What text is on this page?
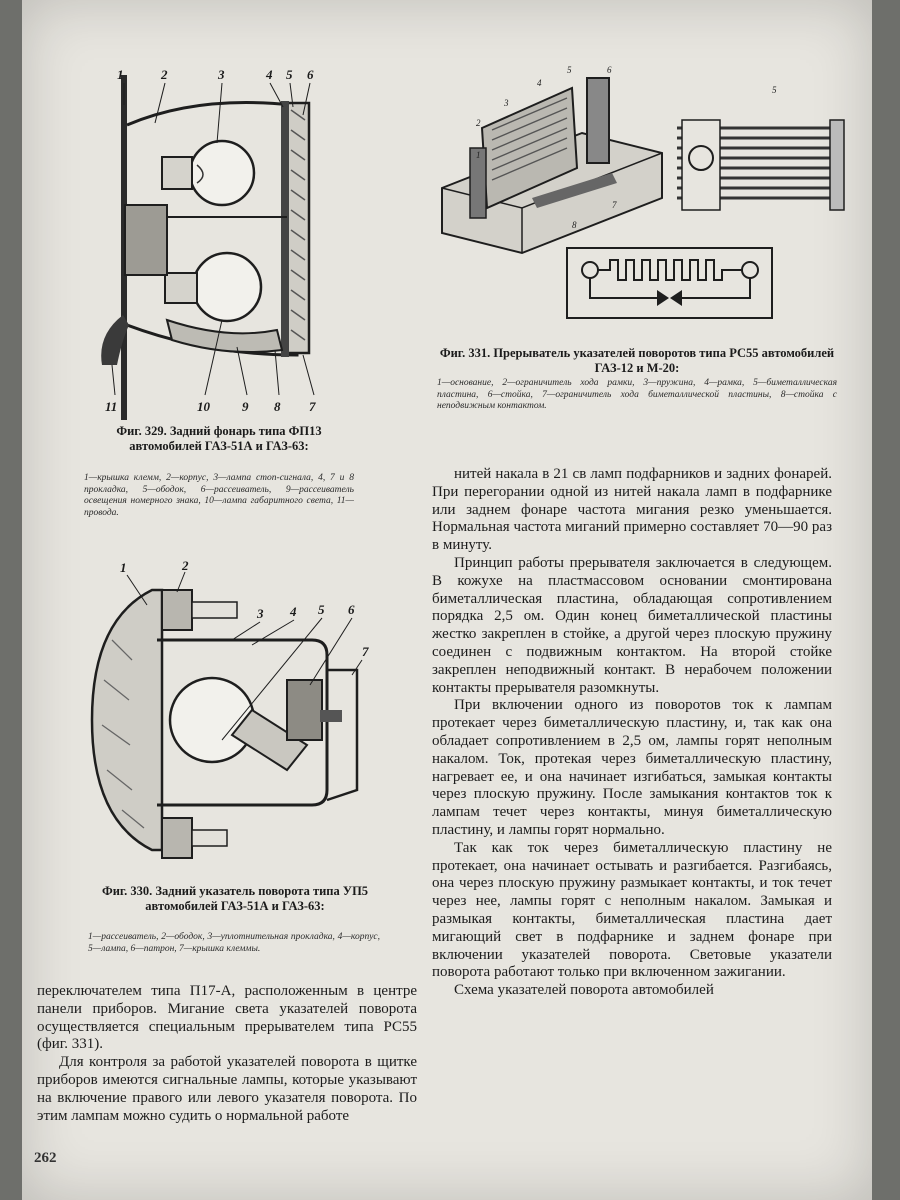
1	2	3	4 5 6
11	10 9 8 7
Фиг. 329. Задний фонарь типа ФП13 автомобилей ГАЗ-51А и ГАЗ-63:
1—крышка клемм, 2—корпус, 3—лампа стоп-сигнала, 4, 7 и 8 прокладка, 5—ободок, 6—рассеиватель, 9—рассеиватель освещения номерного знака, 10—лампа габаритного света, 11—провода.
1	2
3 4 5 6
7
Фиг. 330. Задний указатель поворота типа УП5 автомобилей ГАЗ-51А и ГАЗ-63:
1—рассеиватель, 2—ободок, 3—уплотнительная прокладка, 4—корпус, 5—лампа, 6—патрон, 7—крышка клеммы.
1
2
3
4
5	6
7
8
5
Фиг. 331. Прерыватель указателей поворотов типа РС55 автомобилей ГАЗ-12 и М-20:
1—основание, 2—ограничитель хода рамки, 3—пружина, 4—рамка, 5—биметаллическая пластина, 6—стойка, 7—ограничитель хода биметаллической пластины, 8—стойка с неподвижным контактом.

переключателем типа П17-А, расположенным в центре панели приборов. Мигание света указателей поворота осуществляется специальным прерывателем типа РС55 (фиг. 331).

Для контроля за работой указателей поворота в щитке приборов имеются сигнальные лампы, которые указывают на включение правого или левого указателя поворота. По этим лампам можно судить о нормальной работе

нитей накала в 21 св ламп подфарников и задних фонарей. При перегорании одной из нитей накала ламп в подфарнике или заднем фонаре частота мигания резко уменьшается. Нормальная частота миганий примерно составляет 70—90 раз в минуту.

Принцип работы прерывателя заключается в следующем. В кожухе на пластмассовом основании смонтирована биметаллическая пластина, обладающая сопротивлением порядка 2,5 ом. Один конец биметаллической пластины жестко закреплен в стойке, а другой через плоскую пружину соединен с подвижным контактом. На второй стойке закреплен неподвижный контакт. В нерабочем положении контакты прерывателя разомкнуты.

При включении одного из поворотов ток к лампам протекает через биметаллическую пластину, и, так как она обладает сопротивлением в 2,5 ом, лампы горят неполным накалом. Ток, протекая через биметаллическую пластину, нагревает ее, и она начинает изгибаться, замыкая контакты через плоскую пружину. После замыкания контактов ток к лампам течет через контакты, минуя биметаллическую пластину, и лампы горят нормально.

Так как ток через биметаллическую пластину не протекает, она начинает остывать и разгибается. Разгибаясь, она через плоскую пружину размыкает контакты, и ток течет через нее, лампы горят с неполным накалом. Замыкая и размыкая контакты, биметаллическая пластина дает мигающий свет в подфарнике и заднем фонаре при включении указателей поворота. Световые указатели поворота работают только при включенном зажигании.

Схема указателей поворота автомобилей

262
